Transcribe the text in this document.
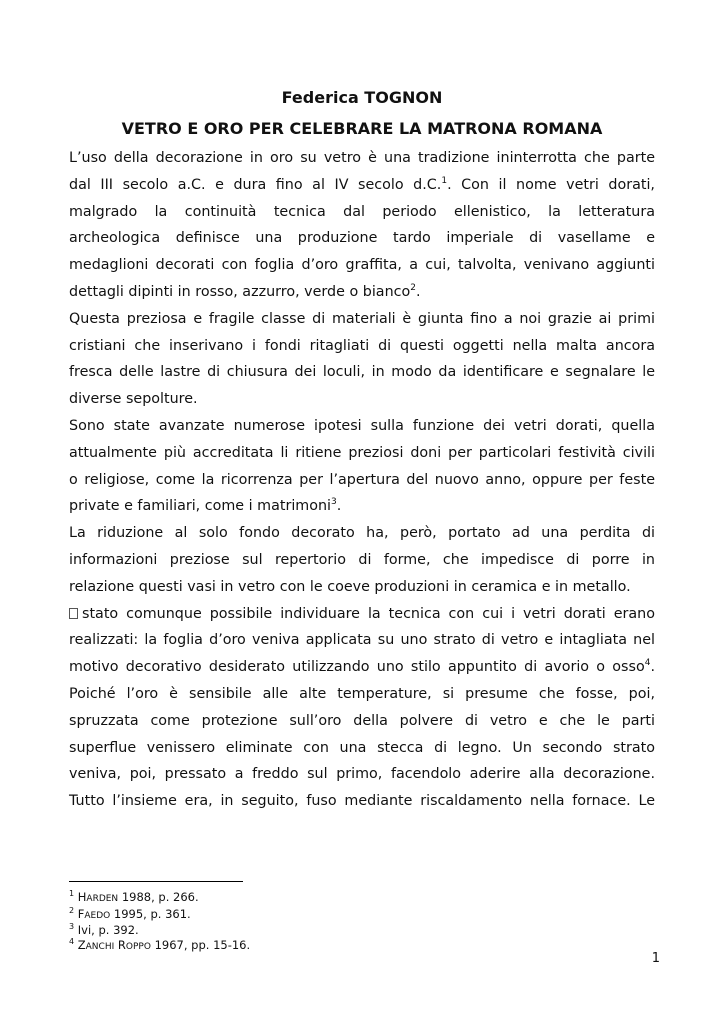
Federica TOGNON
VETRO E ORO PER CELEBRARE LA MATRONA ROMANA

L’uso della decorazione in oro su vetro è una tradizione ininterrotta che parte
dal III secolo a.C. e dura fino al IV secolo d.C.$^1$. Con il nome vetri dorati,
malgrado la continuità tecnica dal periodo ellenistico, la letteratura
archeologica definisce una produzione tardo imperiale di vasellame e
medaglioni decorati con foglia d’oro graffita, a cui, talvolta, venivano aggiunti
dettagli dipinti in rosso, azzurro, verde o bianco$^2$.

Questa preziosa e fragile classe di materiali è giunta fino a noi grazie ai primi
cristiani che inserivano i fondi ritagliati di questi oggetti nella malta ancora
fresca delle lastre di chiusura dei loculi, in modo da identificare e segnalare le
diverse sepolture.

Sono state avanzate numerose ipotesi sulla funzione dei vetri dorati, quella
attualmente più accreditata li ritiene preziosi doni per particolari festività civili
o religiose, come la ricorrenza per l’apertura del nuovo anno, oppure per feste
private e familiari, come i matrimoni$^3$.

La riduzione al solo fondo decorato ha, però, portato ad una perdita di
informazioni preziose sul repertorio di forme, che impedisce di porre in
relazione questi vasi in vetro con le coeve produzioni in ceramica e in metallo.

stato comunque possibile individuare la tecnica con cui i vetri dorati erano
realizzati: la foglia d’oro veniva applicata su uno strato di vetro e intagliata nel
motivo decorativo desiderato utilizzando uno stilo appuntito di avorio o osso$^4$.
Poiché l’oro è sensibile alle alte temperature, si presume che fosse, poi,
spruzzata come protezione sull’oro della polvere di vetro e che le parti
superflue venissero eliminate con una stecca di legno. Un secondo strato
veniva, poi, pressato a freddo sul primo, facendolo aderire alla decorazione.
Tutto l’insieme era, in seguito, fuso mediante riscaldamento nella fornace. Le

$^1$ HARDEN 1988, p. 266.
$^2$ FAEDO 1995, p. 361.
$^3$ Ivi, p. 392.
$^4$ ZANCHI ROPPO 1967, pp. 15-16.
1
